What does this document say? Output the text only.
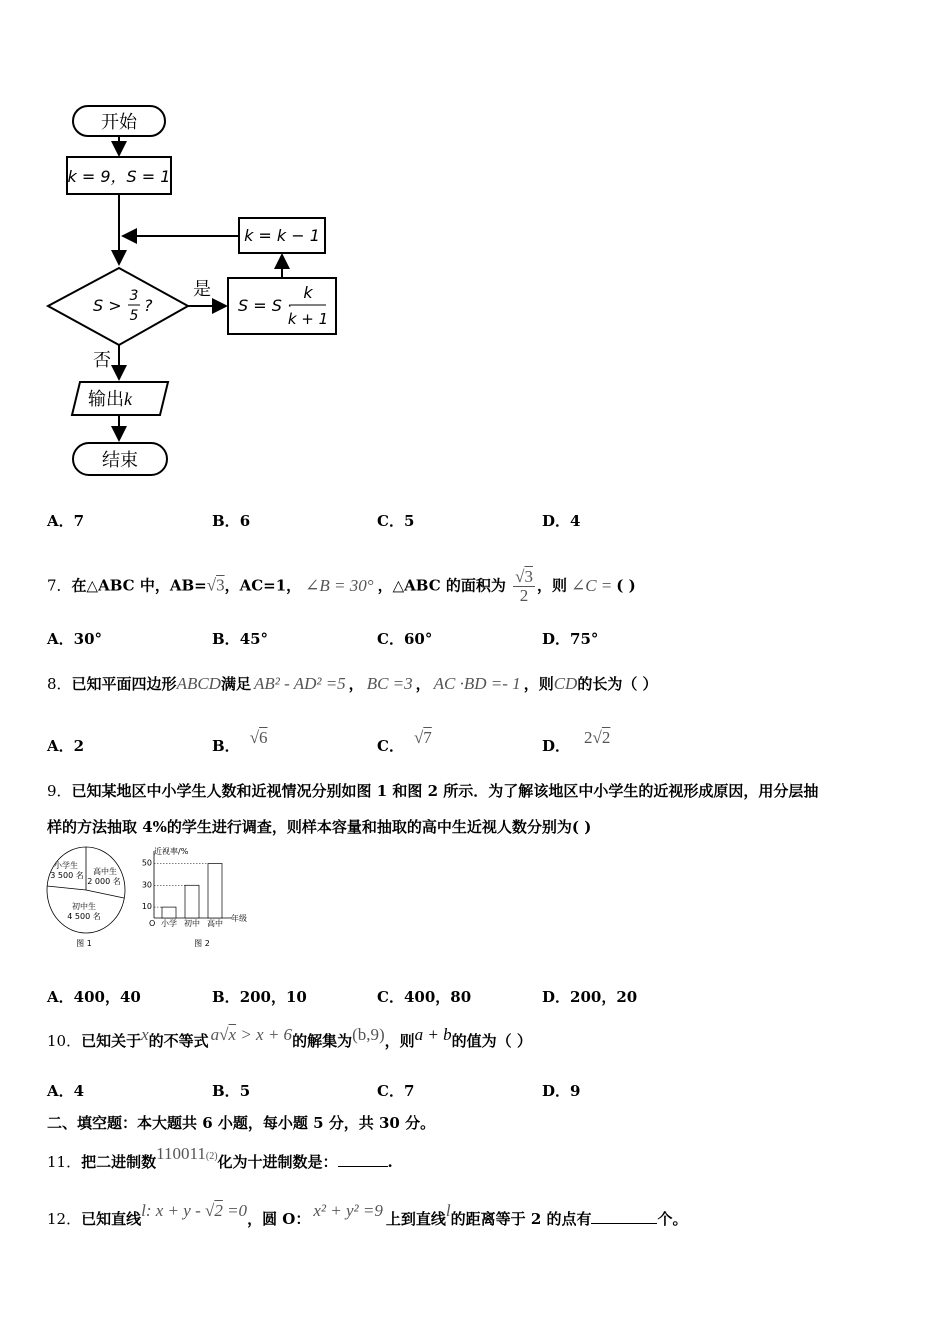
开始
k = 9，S = 1
k = k − 1
S > 3
5
?
是
S = S ·
k
k + 1
否
输出k
结束
A．7	B．6	C．5	D．4
7．在△ABC 中，AB=√3，AC=1， ∠B = 30° ，△ABC 的面积为 $\frac{√3}{2}$ ，则 ∠C = ( )
A．30°	B．45°	C．60°	D．75°
8．已知平面四边形ABCD满足 AB² - AD² =5 ， BC =3 ， AC ·BD =- 1 ，则CD的长为（ ）
A．2	B． √6	C． √7	D． 2√2
9．已知某地区中小学生人数和近视情况分别如图 1 和图 2 所示．为了解该地区中小学生的近视形成原因，用分层抽
样的方法抽取 4%的学生进行调查，则样本容量和抽取的高中生近视人数分别为( )
小学生
3 500 名 高中生
2 000 名
初中生
4 500 名
图 1
近视率/%
年级
O
10
30
50
小学 初中 高中
图 2
A．400，40	B．200，10	C．400，80	D．200，20
10．已知关于x的不等式 a√x > x + 6的解集为(b,9)，则a + b的值为（ ）
A．4	B．5	C．7	D．9
二、填空题：本大题共 6 小题，每小题 5 分，共 30 分。
11．把二进制数110011(2)化为十进制数是：	.
12．已知直线l: x + y - √2 =0，圆 O： x² + y² =9 上到直线l的距离等于 2 的点有	个。
